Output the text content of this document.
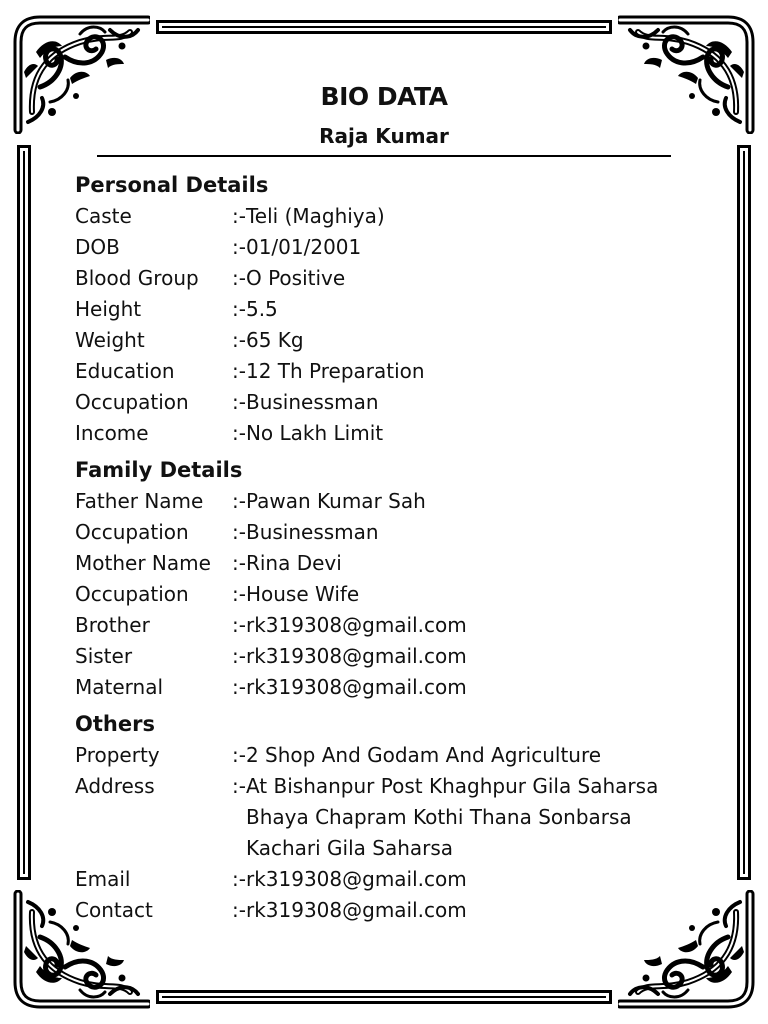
BIO DATA
Raja Kumar
Personal Details
Caste	:- Teli (Maghiya)
DOB	:- 01/01/2001
Blood Group	:- O Positive
Height	:- 5.5
Weight	:- 65 Kg
Education	:- 12 Th Preparation
Occupation	:- Businessman
Income	:- No Lakh Limit
Family Details
Father Name	:- Pawan Kumar Sah
Occupation	:- Businessman
Mother Name	:- Rina Devi
Occupation	:- House Wife
Brother	:- rk319308@gmail.com
Sister	:- rk319308@gmail.com
Maternal	:- rk319308@gmail.com
Others
Property	:- 2 Shop And Godam And Agriculture
Address	:- At Bishanpur Post Khaghpur Gila Saharsa
Bhaya Chapram Kothi Thana Sonbarsa
Kachari Gila Saharsa
Email	:- rk319308@gmail.com
Contact	:- rk319308@gmail.com
